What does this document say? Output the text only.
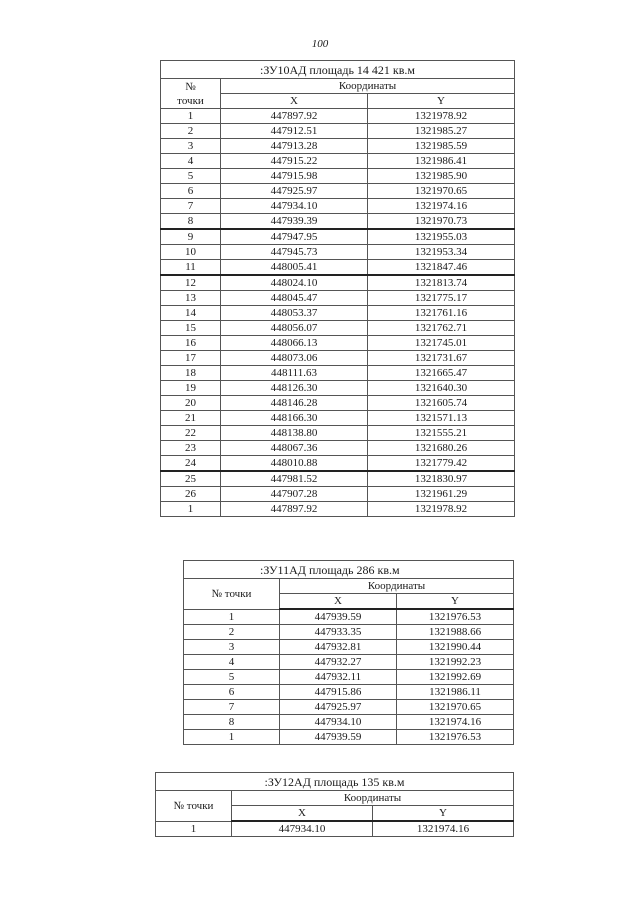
100
:ЗУ10АД площадь 14 421 кв.м		

№
точки	Координаты	
	X	Y
1	447897.92	1321978.92
2	447912.51	1321985.27
3	447913.28	1321985.59
4	447915.22	1321986.41
5	447915.98	1321985.90
6	447925.97	1321970.65
7	447934.10	1321974.16
8	447939.39	1321970.73
9	447947.95	1321955.03
10	447945.73	1321953.34
11	448005.41	1321847.46
12	448024.10	1321813.74
13	448045.47	1321775.17
14	448053.37	1321761.16
15	448056.07	1321762.71
16	448066.13	1321745.01
17	448073.06	1321731.67
18	448111.63	1321665.47
19	448126.30	1321640.30
20	448146.28	1321605.74
21	448166.30	1321571.13
22	448138.80	1321555.21
23	448067.36	1321680.26
24	448010.88	1321779.42
25	447981.52	1321830.97
26	447907.28	1321961.29
1	447897.92	1321978.92
:ЗУ11АД площадь 286 кв.м		
№ точки	Координаты	
	X	Y
1	447939.59	1321976.53
2	447933.35	1321988.66
3	447932.81	1321990.44
4	447932.27	1321992.23
5	447932.11	1321992.69
6	447915.86	1321986.11
7	447925.97	1321970.65
8	447934.10	1321974.16
1	447939.59	1321976.53
:ЗУ12АД площадь 135 кв.м		
№ точки	Координаты	
	X	Y
1	447934.10	1321974.16
